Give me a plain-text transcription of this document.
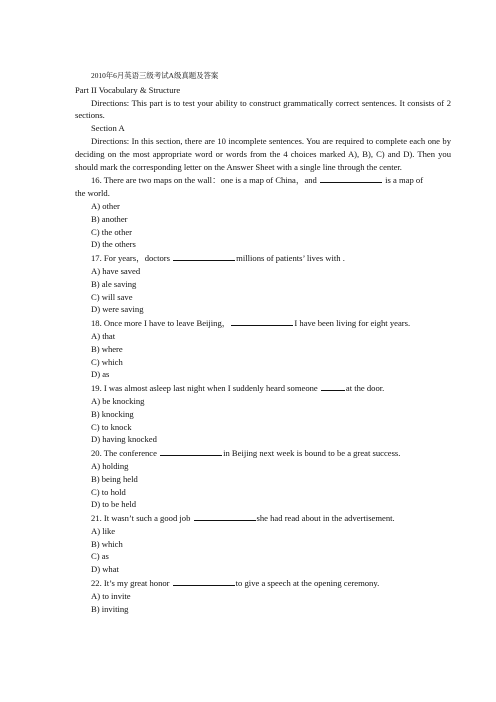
2010年6月英语三级考试A级真题及答案

Part II Vocabulary & Structure

Directions: This part is to test your ability to construct grammatically correct sentences. It consists of 2 sections.

Section A

Directions: In this section, there are 10 incomplete sentences. You are required to complete each one by deciding on the most appropriate word or words from the 4 choices marked A), B), C) and D). Then you should mark the corresponding letter on the Answer Sheet with a single line through the center.

16. There are two maps on the wall：one is a map of China，and	is a map of

the world.

A) other

B) another

C) the other

D) the others

17. For years，doctors	millions of patients’ lives with .

A) have saved

B) ale saving

C) will save

D) were saving

18. Once more I have to leave Beijing，	I have been living for eight years.

A) that

B) where

C) which

D) as

19. I was almost asleep last night when I suddenly heard someone	at the door.

A) be knocking

B) knocking

C) to knock

D) having knocked

20. The conference	in Beijing next week is bound to be a great success.

A) holding

B) being held

C) to hold

D) to be held

21. It wasn’t such a good job	she had read about in the advertisement.

A) like

B) which

C) as

D) what

22. It’s my great honor	to give a speech at the opening ceremony.

A) to invite

B) inviting
